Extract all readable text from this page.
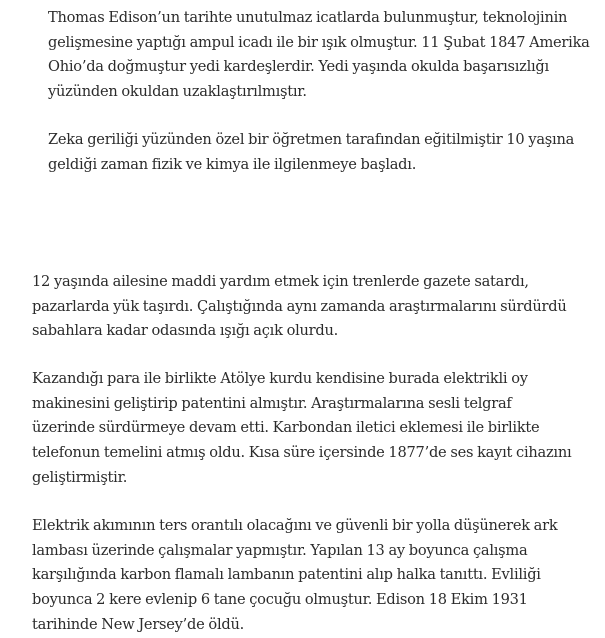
Thomas Edison’un tarihte unutulmaz icatlarda bulunmuştur, teknolojinin
gelişmesine yaptığı ampul icadı ile bir ışık olmuştur. 11 Şubat 1847 Amerika
Ohio’da doğmuştur yedi kardeşlerdir. Yedi yaşında okulda başarısızlığı
yüzünden okuldan uzaklaştırılmıştır.

Zeka geriliği yüzünden özel bir öğretmen tarafından eğitilmiştir 10 yaşına
geldiği zaman fizik ve kimya ile ilgilenmeye başladı.

12 yaşında ailesine maddi yardım etmek için trenlerde gazete satardı,
pazarlarda yük taşırdı. Çalıştığında aynı zamanda araştırmalarını sürdürdü
sabahlara kadar odasında ışığı açık olurdu.

Kazandığı para ile birlikte Atölye kurdu kendisine burada elektrikli oy
makinesini geliştirip patentini almıştır. Araştırmalarına sesli telgraf
üzerinde sürdürmeye devam etti. Karbondan iletici eklemesi ile birlikte
telefonun temelini atmış oldu. Kısa süre içersinde 1877’de ses kayıt cihazını
geliştirmiştir.

Elektrik akımının ters orantılı olacağını ve güvenli bir yolla düşünerek ark
lambası üzerinde çalışmalar yapmıştır. Yapılan 13 ay boyunca çalışma
karşılığında karbon flamalı lambanın patentini alıp halka tanıttı. Evliliği
boyunca 2 kere evlenip 6 tane çocuğu olmuştur. Edison 18 Ekim 1931
tarihinde New Jersey’de öldü.
